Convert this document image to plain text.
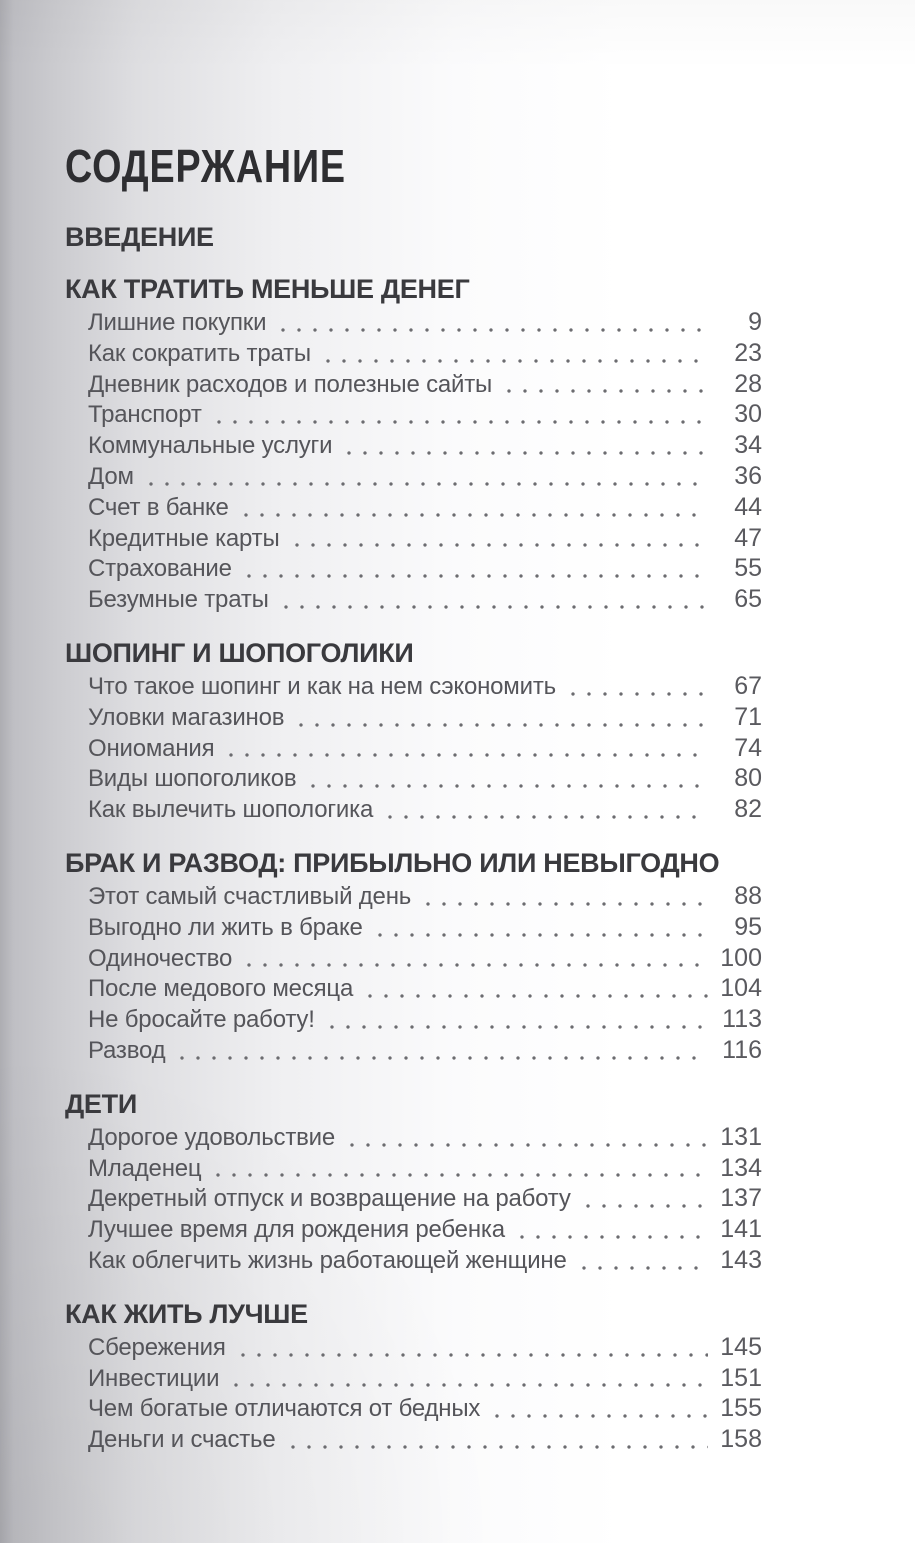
СОДЕРЖАНИЕ
ВВЕДЕНИЕ
КАК ТРАТИТЬ МЕНЬШЕ ДЕНЕГ
Лишние покупки	9
Как сократить траты	23
Дневник расходов и полезные сайты	28
Транспорт	30
Коммунальные услуги	34
Дом	36
Счет в банке	44
Кредитные карты	47
Страхование	55
Безумные траты	65
ШОПИНГ И ШОПОГОЛИКИ
Что такое шопинг и как на нем сэкономить	67
Уловки магазинов	71
Ониомания	74
Виды шопоголиков	80
Как вылечить шопологика	82
БРАК И РАЗВОД: ПРИБЫЛЬНО ИЛИ НЕВЫГОДНО
Этот самый счастливый день	88
Выгодно ли жить в браке	95
Одиночество	100
После медового месяца	104
Не бросайте работу!	113
Развод	116
ДЕТИ
Дорогое удовольствие	131
Младенец	134
Декретный отпуск и возвращение на работу	137
Лучшее время для рождения ребенка	141
Как облегчить жизнь работающей женщине	143
КАК ЖИТЬ ЛУЧШЕ
Сбережения	145
Инвестиции	151
Чем богатые отличаются от бедных	155
Деньги и счастье	158
